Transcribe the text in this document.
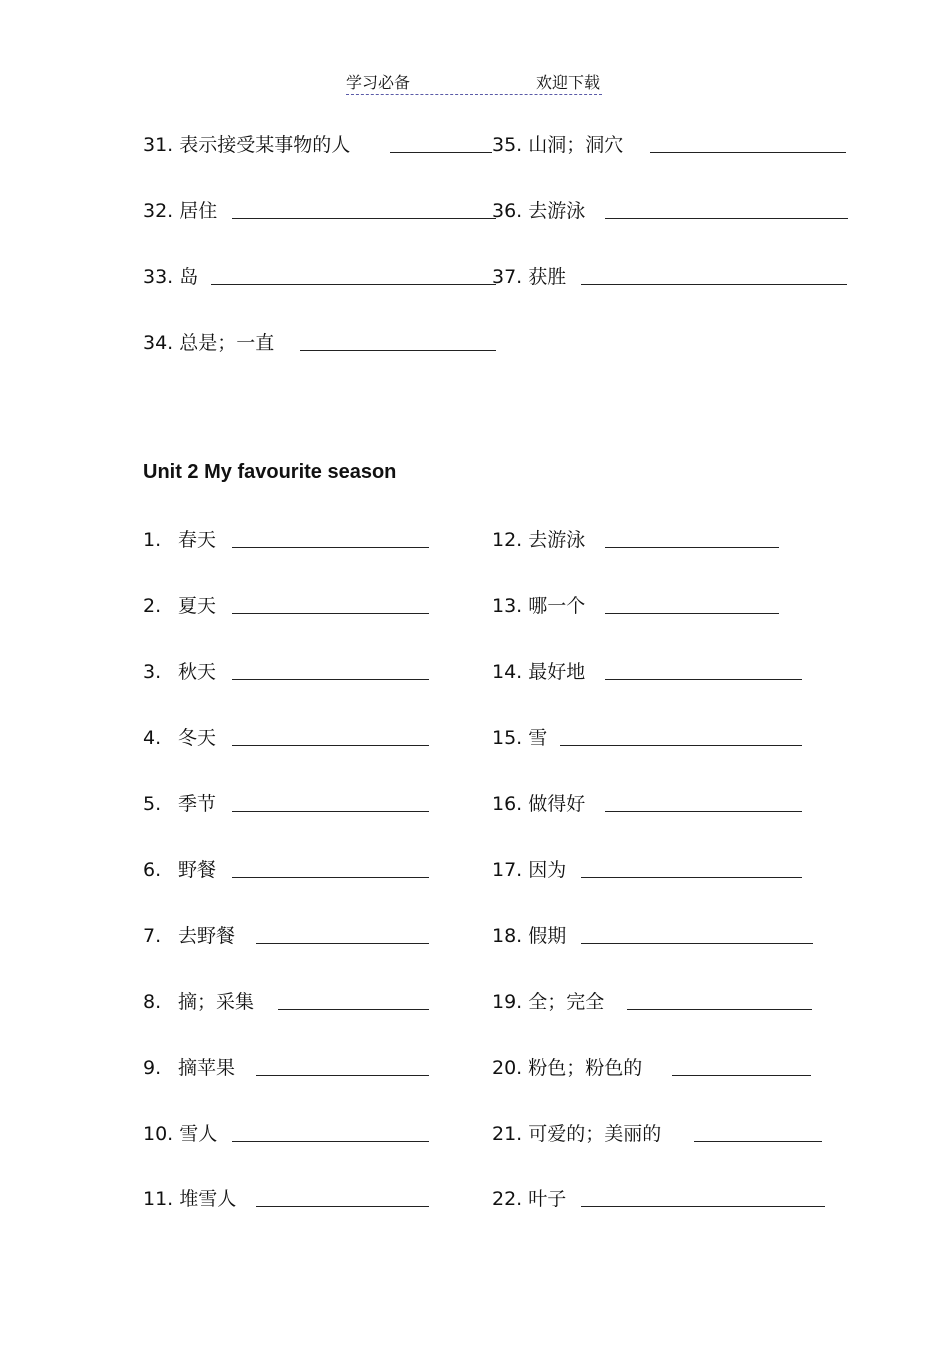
学习必备	欢迎下载
31. 表示接受某事物的人	35. 山洞；洞穴
32. 居住	36. 去游泳
33. 岛	37. 获胜
34. 总是；一直
Unit 2 My favourite season
1. 春天	12. 去游泳
2. 夏天	13. 哪一个
3. 秋天	14. 最好地
4. 冬天	15. 雪
5. 季节	16. 做得好
6. 野餐	17. 因为
7. 去野餐	18. 假期
8. 摘；采集	19. 全；完全
9. 摘苹果	20. 粉色；粉色的
10. 雪人	21. 可爱的；美丽的
11. 堆雪人	22. 叶子
